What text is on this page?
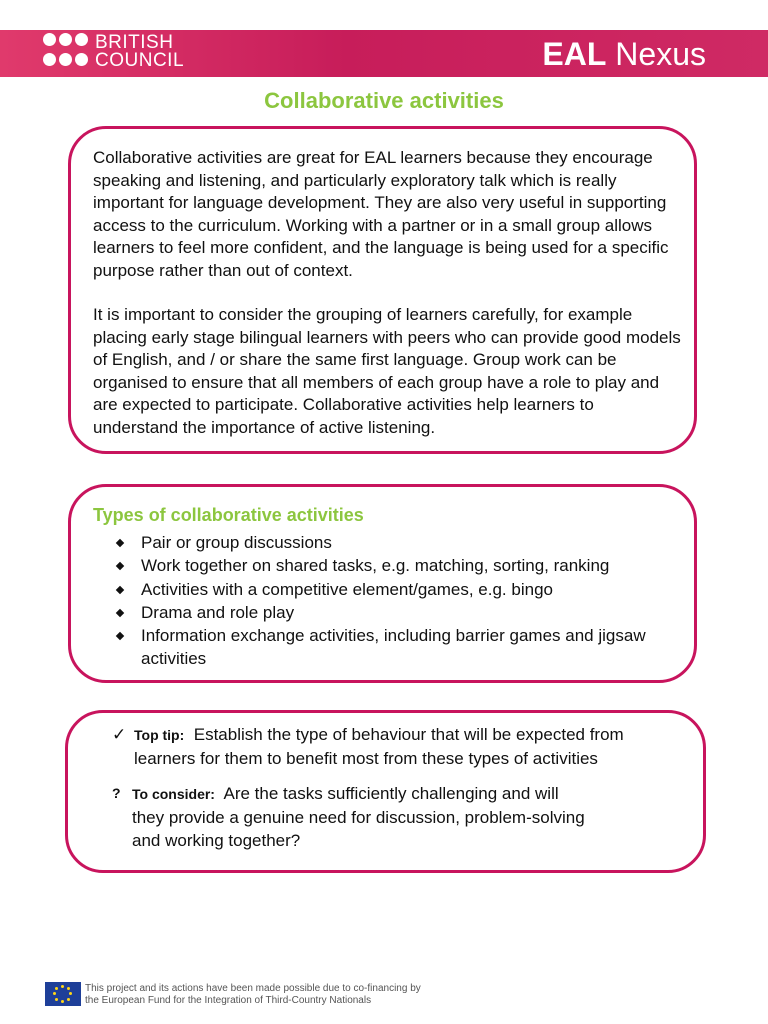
BRITISH
COUNCIL	EAL Nexus
Collaborative activities

Collaborative activities are great for EAL learners because they encourage speaking and listening, and particularly exploratory talk which is really important for language development. They are also very useful in supporting access to the curriculum. Working with a partner or in a small group allows learners to feel more confident, and the language is being used for a specific purpose rather than out of context.

It is important to consider the grouping of learners carefully, for example placing early stage bilingual learners with peers who can provide good models of English, and / or share the same first language. Group work can be organised to ensure that all members of each group have a role to play and are expected to participate. Collaborative activities help learners to understand the importance of active listening.

Types of collaborative activities
Pair or group discussions
Work together on shared tasks, e.g. matching, sorting, ranking
Activities with a competitive element/games, e.g. bingo
Drama and role play
Information exchange activities, including barrier games and jigsaw activities
✓ Top tip: Establish the type of behaviour that will be expected from
learners for them to benefit most from these types of activities
? To consider: Are the tasks sufficiently challenging and will
they provide a genuine need for discussion, problem-solving
and working together?
This project and its actions have been made possible due to co-financing by
the European Fund for the Integration of Third-Country Nationals
